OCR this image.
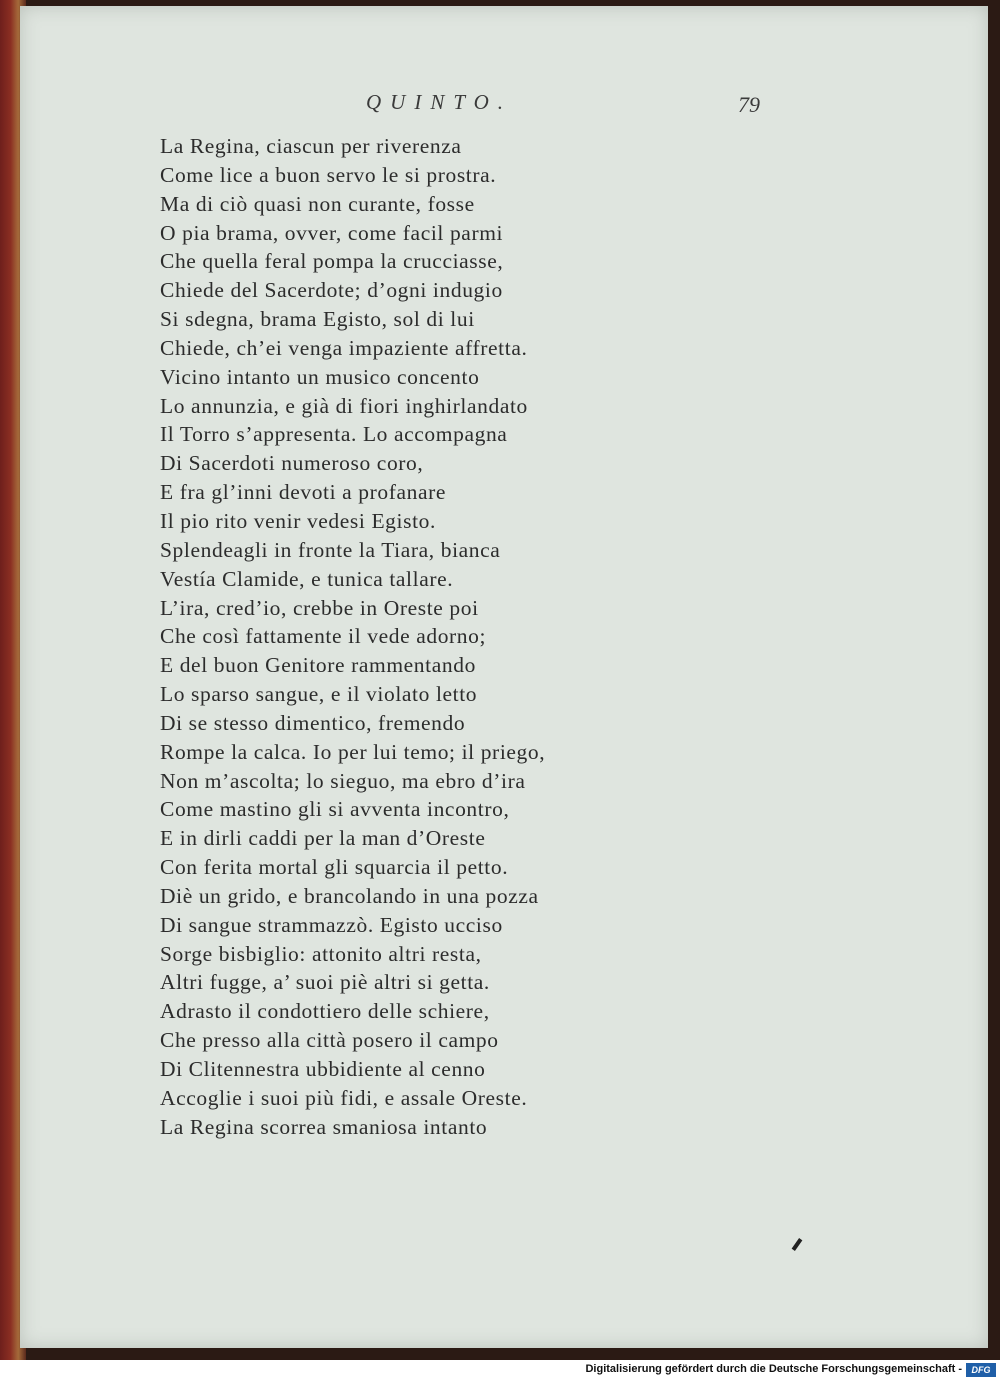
QUINTO.	79
La Regina, ciascun per riverenza
Come lice a buon servo le si prostra.
Ma di ciò quasi non curante, fosse
O pia brama, ovver, come facil parmi
Che quella feral pompa la crucciasse,
Chiede del Sacerdote; d’ogni indugio
Si sdegna, brama Egisto, sol di lui
Chiede, ch’ei venga impaziente affretta.
Vicino intanto un musico concento
Lo annunzia, e già di fiori inghirlandato
Il Torro s’appresenta. Lo accompagna
Di Sacerdoti numeroso coro,
E fra gl’inni devoti a profanare
Il pio rito venir vedesi Egisto.
Splendeagli in fronte la Tiara, bianca
Vestía Clamide, e tunica tallare.
L’ira, cred’io, crebbe in Oreste poi
Che così fattamente il vede adorno;
E del buon Genitore rammentando
Lo sparso sangue, e il violato letto
Di se stesso dimentico, fremendo
Rompe la calca. Io per lui temo; il priego,
Non m’ascolta; lo sieguo, ma ebro d’ira
Come mastino gli si avventa incontro,
E in dirli caddi per la man d’Oreste
Con ferita mortal gli squarcia il petto.
Diè un grido, e brancolando in una pozza
Di sangue strammazzò. Egisto ucciso
Sorge bisbiglio: attonito altri resta,
Altri fugge, a’ suoi piè altri si getta.
Adrasto il condottiero delle schiere,
Che presso alla città posero il campo
Di Clitennestra ubbidiente al cenno
Accoglie i suoi più fidi, e assale Oreste.
La Regina scorrea smaniosa intanto
Digitalisierung gefördert durch die Deutsche Forschungsgemeinschaft -	DFG
